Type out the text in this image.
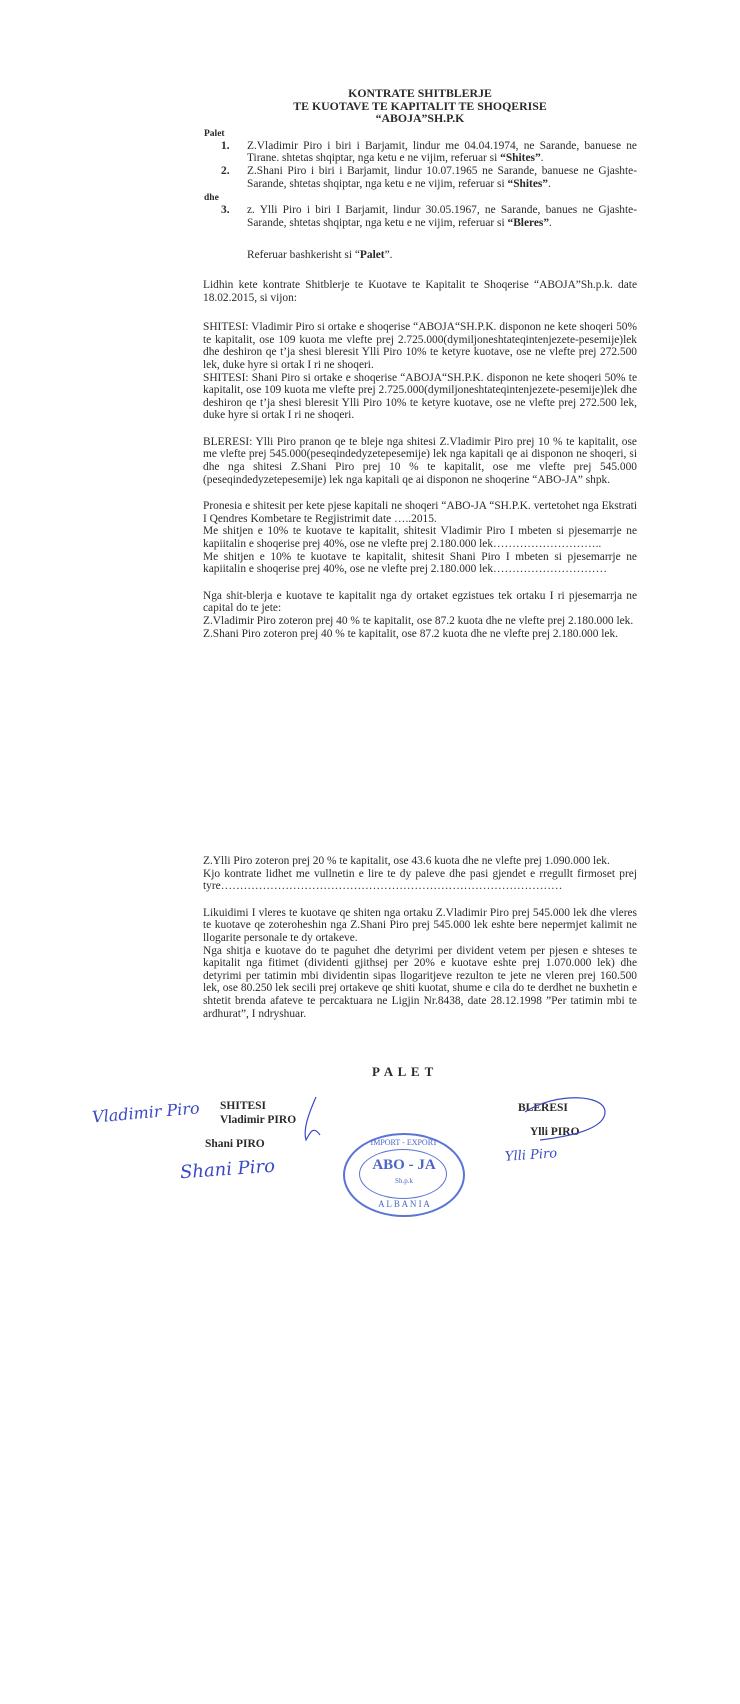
KONTRATE SHITBLERJE
TE KUOTAVE TE KAPITALIT TE SHOQERISE
“ABOJA”SH.P.K
Palet
1. Z.Vladimir Piro i biri i Barjamit, lindur me 04.04.1974, ne Sarande, banuese ne Tirane. shtetas shqiptar, nga ketu e ne vijim, referuar si “Shites”.
2. Z.Shani Piro i biri i Barjamit, lindur 10.07.1965 ne Sarande, banuese ne Gjashte-Sarande, shtetas shqiptar, nga ketu e ne vijim, referuar si “Shites”.
dhe
3. z. Ylli Piro i biri I Barjamit, lindur 30.05.1967, ne Sarande, banues ne Gjashte-Sarande, shtetas shqiptar, nga ketu e ne vijim, referuar si “Bleres”.

Referuar bashkerisht si “Palet”.

Lidhin kete kontrate Shitblerje te Kuotave te Kapitalit te Shoqerise “ABOJA”Sh.p.k. date 18.02.2015, si vijon:

SHITESI: Vladimir Piro si ortake e shoqerise “ABOJA“SH.P.K. disponon ne kete shoqeri 50% te kapitalit, ose 109 kuota me vlefte prej 2.725.000(dymiljoneshtateqintenjezete-pesemije)lek dhe deshiron qe t’ja shesi bleresit Ylli Piro 10% te ketyre kuotave, ose ne vlefte prej 272.500 lek, duke hyre si ortak I ri ne shoqeri.

SHITESI: Shani Piro si ortake e shoqerise “ABOJA“SH.P.K. disponon ne kete shoqeri 50% te kapitalit, ose 109 kuota me vlefte prej 2.725.000(dymiljoneshtateqintenjezete-pesemije)lek dhe deshiron qe t’ja shesi bleresit Ylli Piro 10% te ketyre kuotave, ose ne vlefte prej 272.500 lek, duke hyre si ortak I ri ne shoqeri.

BLERESI: Ylli Piro pranon qe te bleje nga shitesi Z.Vladimir Piro prej 10 % te kapitalit, ose me vlefte prej 545.000(peseqindedyzetepesemije) lek nga kapitali qe ai disponon ne shoqeri, si dhe nga shitesi Z.Shani Piro prej 10 % te kapitalit, ose me vlefte prej 545.000 (peseqindedyzetepesemije) lek nga kapitali qe ai disponon ne shoqerine “ABO-JA” shpk.

Pronesia e shitesit per kete pjese kapitali ne shoqeri “ABO-JA “SH.P.K. vertetohet nga Ekstrati I Qendres Kombetare te Regjistrimit date …..2015.

Me shitjen e 10% te kuotave te kapitalit, shitesit Vladimir Piro I mbeten si pjesemarrje ne kapiitalin e shoqerise prej 40%, ose ne vlefte prej 2.180.000 lek………………………..

Me shitjen e 10% te kuotave te kapitalit, shitesit Shani Piro I mbeten si pjesemarrje ne kapiitalin e shoqerise prej 40%, ose ne vlefte prej 2.180.000 lek…………………………

Nga shit-blerja e kuotave te kapitalit nga dy ortaket egzistues tek ortaku I ri pjesemarrja ne capital do te jete:

Z.Vladimir Piro zoteron prej 40 % te kapitalit, ose 87.2 kuota dhe ne vlefte prej 2.180.000 lek.

Z.Shani Piro zoteron prej 40 % te kapitalit, ose 87.2 kuota dhe ne vlefte prej 2.180.000 lek.

Z.Ylli Piro zoteron prej 20 % te kapitalit, ose 43.6 kuota dhe ne vlefte prej 1.090.000 lek.

Kjo kontrate lidhet me vullnetin e lire te dy paleve dhe pasi gjendet e rregullt firmoset prej tyre………………………………………………………………………………

Likuidimi I vleres te kuotave qe shiten nga ortaku Z.Vladimir Piro prej 545.000 lek dhe vleres te kuotave qe zoteroheshin nga Z.Shani Piro prej 545.000 lek eshte bere nepermjet kalimit ne llogarite personale te dy ortakeve.

Nga shitja e kuotave do te paguhet dhe detyrimi per divident vetem per pjesen e shteses te kapitalit nga fitimet (dividenti gjithsej per 20% e kuotave eshte prej 1.070.000 lek) dhe detyrimi per tatimin mbi dividentin sipas llogaritjeve rezulton te jete ne vleren prej 160.500 lek, ose 80.250 lek secili prej ortakeve qe shiti kuotat, shume e cila do te derdhet ne buxhetin e shtetit brenda afateve te percaktuara ne Ligjin Nr.8438, date 28.12.1998 ”Per tatimin mbi te ardhurat”, I ndryshuar.

P A L E T
SHITESI
Vladimir PIRO
Vladimir Piro
Shani PIRO
Shani Piro
IMPORT - EXPORT
ABO - JA
Sh.p.k
A L B A N I A
BLERESI
Ylli PIRO
Ylli Piro
